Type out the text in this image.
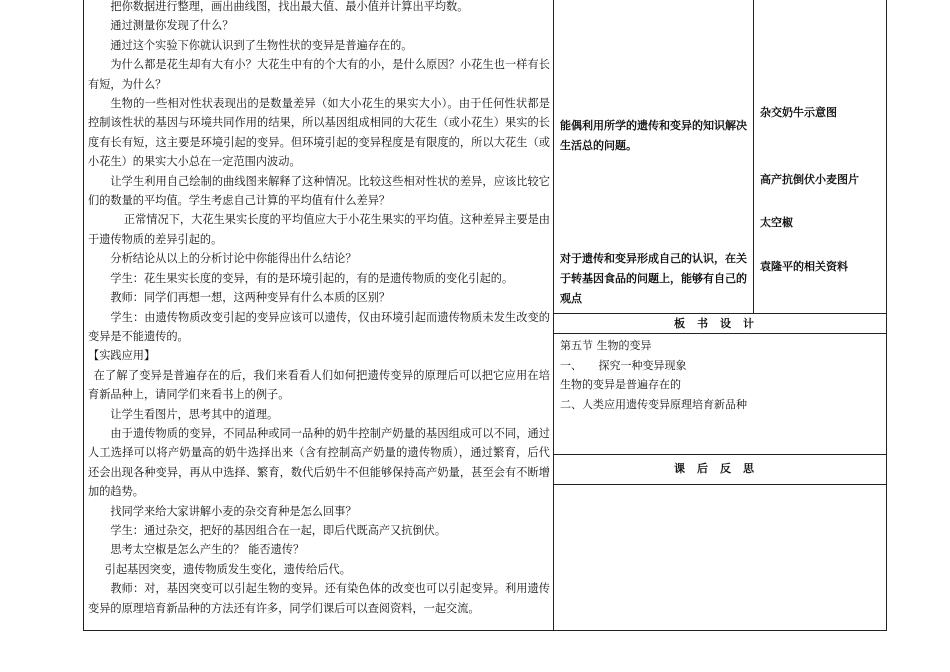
把你数据进行整理，画出曲线图，找出最大值、最小值并计算出平均数。

通过测量你发现了什么？

通过这个实验下你就认识到了生物性状的变异是普遍存在的。

为什么都是花生却有大有小？大花生中有的个大有的小，是什么原因？小花生也一样有长有短，为什么？

生物的一些相对性状表现出的是数量差异（如大小花生的果实大小）。由于任何性状都是控制该性状的基因与环境共同作用的结果，所以基因组成相同的大花生（或小花生）果实的长度有长有短，这主要是环境引起的变异。但环境引起的变异程度是有限度的，所以大花生（或小花生）的果实大小总在一定范围内波动。

让学生利用自己绘制的曲线图来解释了这种情况。比较这些相对性状的差异，应该比较它们的数量的平均值。学生考虑自己计算的平均值有什么差异？

正常情况下，大花生果实长度的平均值应大于小花生果实的平均值。这种差异主要是由于遗传物质的差异引起的。

分析结论从以上的分析讨论中你能得出什么结论？

学生：花生果实长度的变异，有的是环境引起的，有的是遗传物质的变化引起的。

教师：同学们再想一想，这两种变异有什么本质的区别？

学生：由遗传物质改变引起的变异应该可以遗传，仅由环境引起而遗传物质未发生改变的变异是不能遗传的。

【实践应用】

在了解了变异是普遍存在的后，我们来看看人们如何把遗传变异的原理后可以把它应用在培育新品种上，请同学们来看书上的例子。

让学生看图片，思考其中的道理。

由于遗传物质的变异，不同品种或同一品种的奶牛控制产奶量的基因组成可以不同，通过人工选择可以将产奶量高的奶牛选择出来（含有控制高产奶量的遗传物质），通过繁育，后代还会出现各种变异，再从中选择、繁育，数代后奶牛不但能够保持高产奶量，甚至会有不断增加的趋势。

找同学来给大家讲解小麦的杂交育种是怎么回事？

学生：通过杂交，把好的基因组合在一起，即后代既高产又抗倒伏。

思考太空椒是怎么产生的？ 能否遗传？

引起基因突变，遗传物质发生变化，遗传给后代。

教师：对，基因突变可以引起生物的变异。还有染色体的改变也可以引起变异。利用遗传变异的原理培育新品种的方法还有许多，同学们课后可以查阅资料，一起交流。

能偶利用所学的遗传和变异的知识解决生活总的问题。
对于遗传和变异形成自己的认识，在关于转基因食品的问题上，能够有自己的观点
杂交奶牛示意图
高产抗倒伏小麦图片
太空椒
袁隆平的相关资料
板书设计

第五节 生物的变异

一、　　探究一种变异现象

生物的变异是普遍存在的

二、人类应用遗传变异原理培育新品种

课后反思
